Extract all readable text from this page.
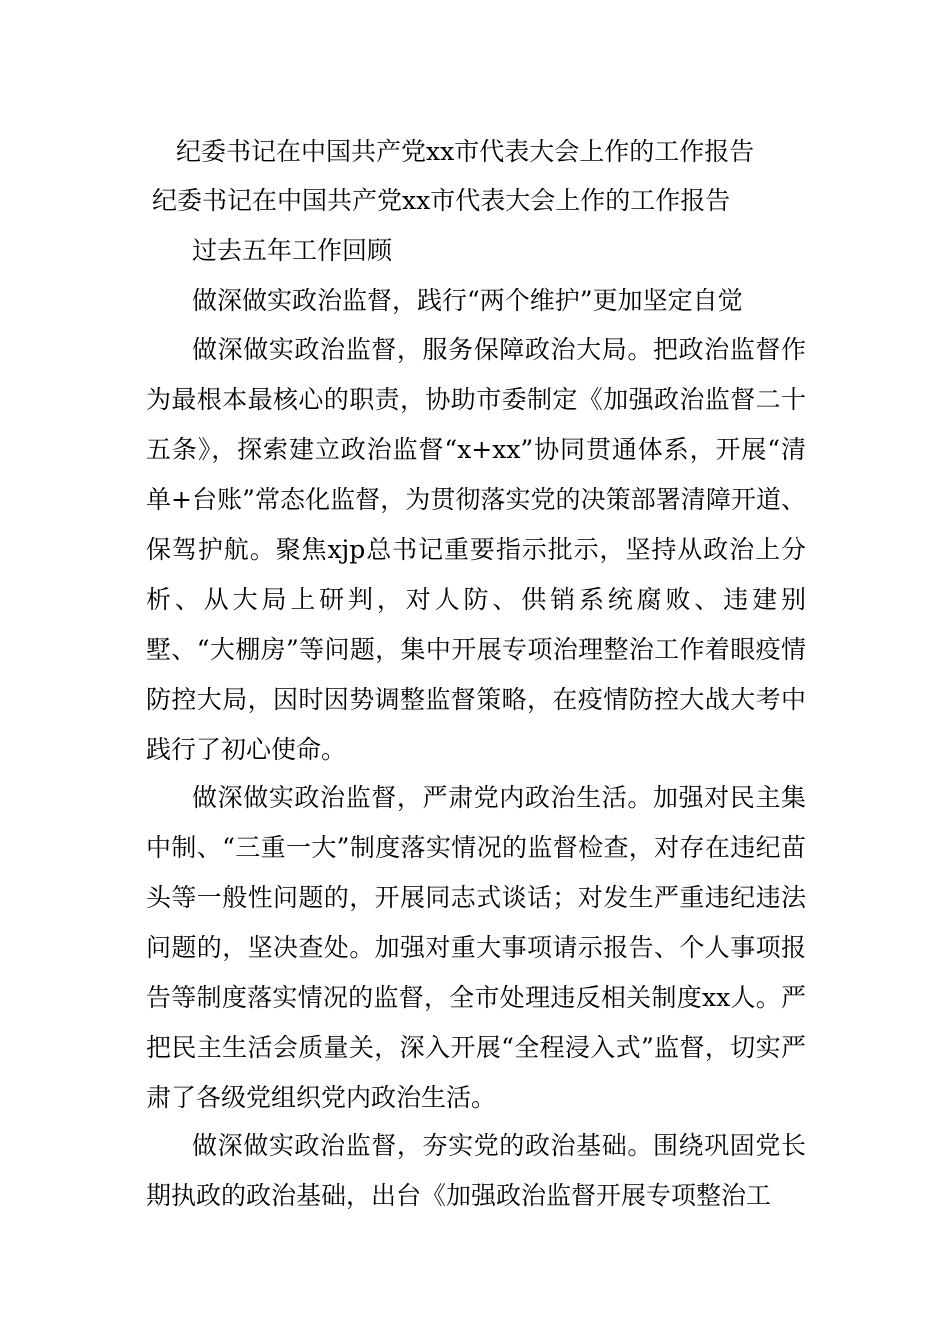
纪委书记在中国共产党xx市代表大会上作的工作报告
纪委书记在中国共产党xx市代表大会上作的工作报告
过去五年工作回顾
做深做实政治监督，践行“两个维护”更加坚定自觉

做深做实政治监督，服务保障政治大局。把政治监督作为最根本最核心的职责，协助市委制定《加强政治监督二十五条》，探索建立政治监督“x+xx”协同贯通体系，开展“清单+台账”常态化监督，为贯彻落实党的决策部署清障开道、保驾护航。聚焦xjp总书记重要指示批示，坚持从政治上分析、从大局上研判，对人防、供销系统腐败、违建别墅、“大棚房”等问题，集中开展专项治理整治工作着眼疫情防控大局，因时因势调整监督策略，在疫情防控大战大考中践行了初心使命。

做深做实政治监督，严肃党内政治生活。加强对民主集中制、“三重一大”制度落实情况的监督检查，对存在违纪苗头等一般性问题的，开展同志式谈话；对发生严重违纪违法问题的，坚决查处。加强对重大事项请示报告、个人事项报告等制度落实情况的监督，全市处理违反相关制度xx人。严把民主生活会质量关，深入开展“全程浸入式”监督，切实严肃了各级党组织党内政治生活。

做深做实政治监督，夯实党的政治基础。围绕巩固党长期执政的政治基础，出台《加强政治监督开展专项整治工
